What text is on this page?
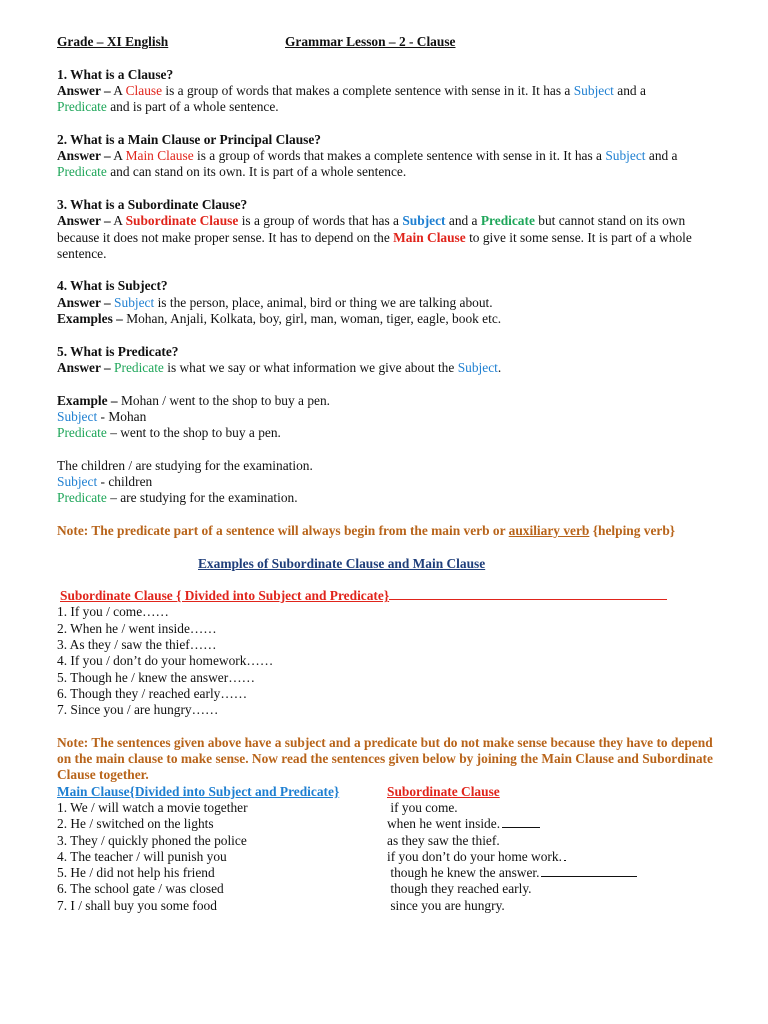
Grade – XI English	Grammar Lesson – 2 - Clause
1. What is a Clause?
Answer – A Clause is a group of words that makes a complete sentence with sense in it. It has a Subject and a
Predicate and is part of a whole sentence.
2. What is a Main Clause or Principal Clause?
Answer – A Main Clause is a group of words that makes a complete sentence with sense in it. It has a Subject and a
Predicate and can stand on its own. It is part of a whole sentence.
3. What is a Subordinate Clause?
Answer – A Subordinate Clause is a group of words that has a Subject and a Predicate but cannot stand on its own
because it does not make proper sense. It has to depend on the Main Clause to give it some sense. It is part of a whole
sentence.
4. What is Subject?
Answer – Subject is the person, place, animal, bird or thing we are talking about.
Examples – Mohan, Anjali, Kolkata, boy, girl, man, woman, tiger, eagle, book etc.
5. What is Predicate?
Answer – Predicate is what we say or what information we give about the Subject.
Example – Mohan / went to the shop to buy a pen.
Subject - Mohan
Predicate – went to the shop to buy a pen.
The children / are studying for the examination.
Subject - children
Predicate – are studying for the examination.
Note: The predicate part of a sentence will always begin from the main verb or auxiliary verb {helping verb}
Examples of Subordinate Clause and Main Clause
Subordinate Clause { Divided into Subject and Predicate}
1. If you / come……
2. When he / went inside……
3. As they / saw the thief……
4. If you / don’t do your homework……
5. Though he / knew the answer……
6. Though they / reached early……
7. Since you / are hungry……
Note: The sentences given above have a subject and a predicate but do not make sense because they have to depend on the main clause to make sense. Now read the sentences given below by joining the Main Clause and Subordinate Clause together.
Main Clause{Divided into Subject and Predicate}	Subordinate Clause
1. We / will watch a movie together	if you come.
2. He / switched on the lights	when he went inside.
3. They / quickly phoned the police	as they saw the thief.
4. The teacher / will punish you	if you don’t do your home work.
5. He / did not help his friend	though he knew the answer.
6. The school gate / was closed	though they reached early.
7. I / shall buy you some food	since you are hungry.
